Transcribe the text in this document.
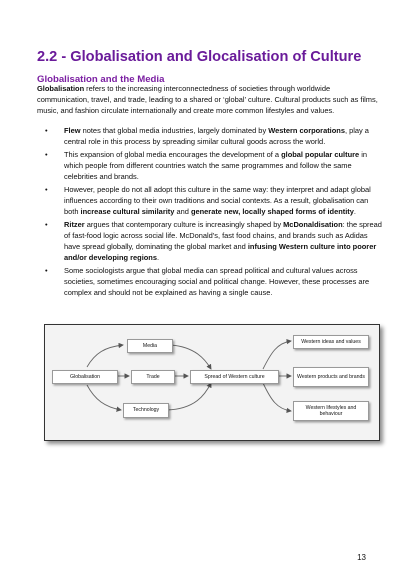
2.2 - Globalisation and Glocalisation of Culture
Globalisation and the Media

Globalisation refers to the increasing interconnectedness of societies through worldwide communication, travel, and trade, leading to a shared or ‘global’ culture. Cultural products such as films, music, and fashion circulate internationally and create more common lifestyles and values.

• Flew notes that global media industries, largely dominated by Western corporations, play a central role in this process by spreading similar cultural goods across the world.
• This expansion of global media encourages the development of a global popular culture in which people from different countries watch the same programmes and follow the same celebrities and brands.
• However, people do not all adopt this culture in the same way: they interpret and adapt global influences according to their own traditions and social contexts. As a result, globalisation can both increase cultural similarity and generate new, locally shaped forms of identity.
• Ritzer argues that contemporary culture is increasingly shaped by McDonaldisation: the spread of fast-food logic across social life. McDonald's, fast food chains, and brands such as Adidas have spread globally, dominating the global market and infusing Western culture into poorer and/or developing regions.
• Some sociologists argue that global media can spread political and cultural values across societies, sometimes encouraging social and political change. However, these processes are complex and should not be explained as having a single cause.
Globalisation
Media
Trade
Technology
Spread of Western culture
Western ideas and values
Western products and brands
Western lifestyles and behaviour
13
